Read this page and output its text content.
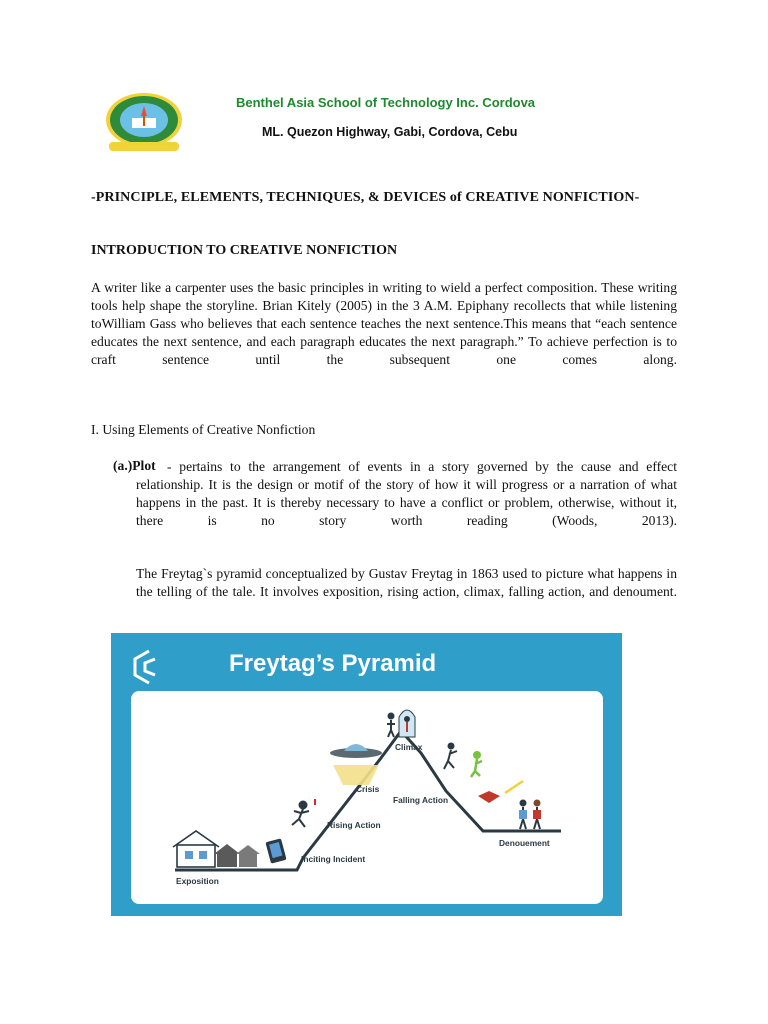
Benthel Asia School of Technology Inc. Cordova
ML. Quezon Highway, Gabi, Cordova, Cebu
-PRINCIPLE, ELEMENTS, TECHNIQUES, & DEVICES of CREATIVE NONFICTION-
INTRODUCTION TO CREATIVE NONFICTION

A writer like a carpenter uses the basic principles in writing to wield a perfect composition. These writing tools help shape the storyline. Brian Kitely (2005) in the 3 A.M. Epiphany recollects that while listening toWilliam Gass who believes that each sentence teaches the next sentence.This means that “each sentence educates the next sentence, and each paragraph educates the next paragraph.” To achieve perfection is to craft sentence until the subsequent one comes along.

I. Using Elements of Creative Nonfiction
(a.)Plot - pertains to the arrangement of events in a story governed by the cause and effect relationship. It is the design or motif of the story of how it will progress or a narration of what happens in the past. It is thereby necessary to have a conflict or problem, otherwise, without it, there is no story worth reading (Woods, 2013).

The Freytag`s pyramid conceptualized by Gustav Freytag in 1863 used to picture what happens in the telling of the tale. It involves exposition, rising action, climax, falling action, and denoument.

Freytag’s Pyramid
Exposition
Inciting Incident
Rising Action
Crisis
Climax
Falling Action
Denouement
